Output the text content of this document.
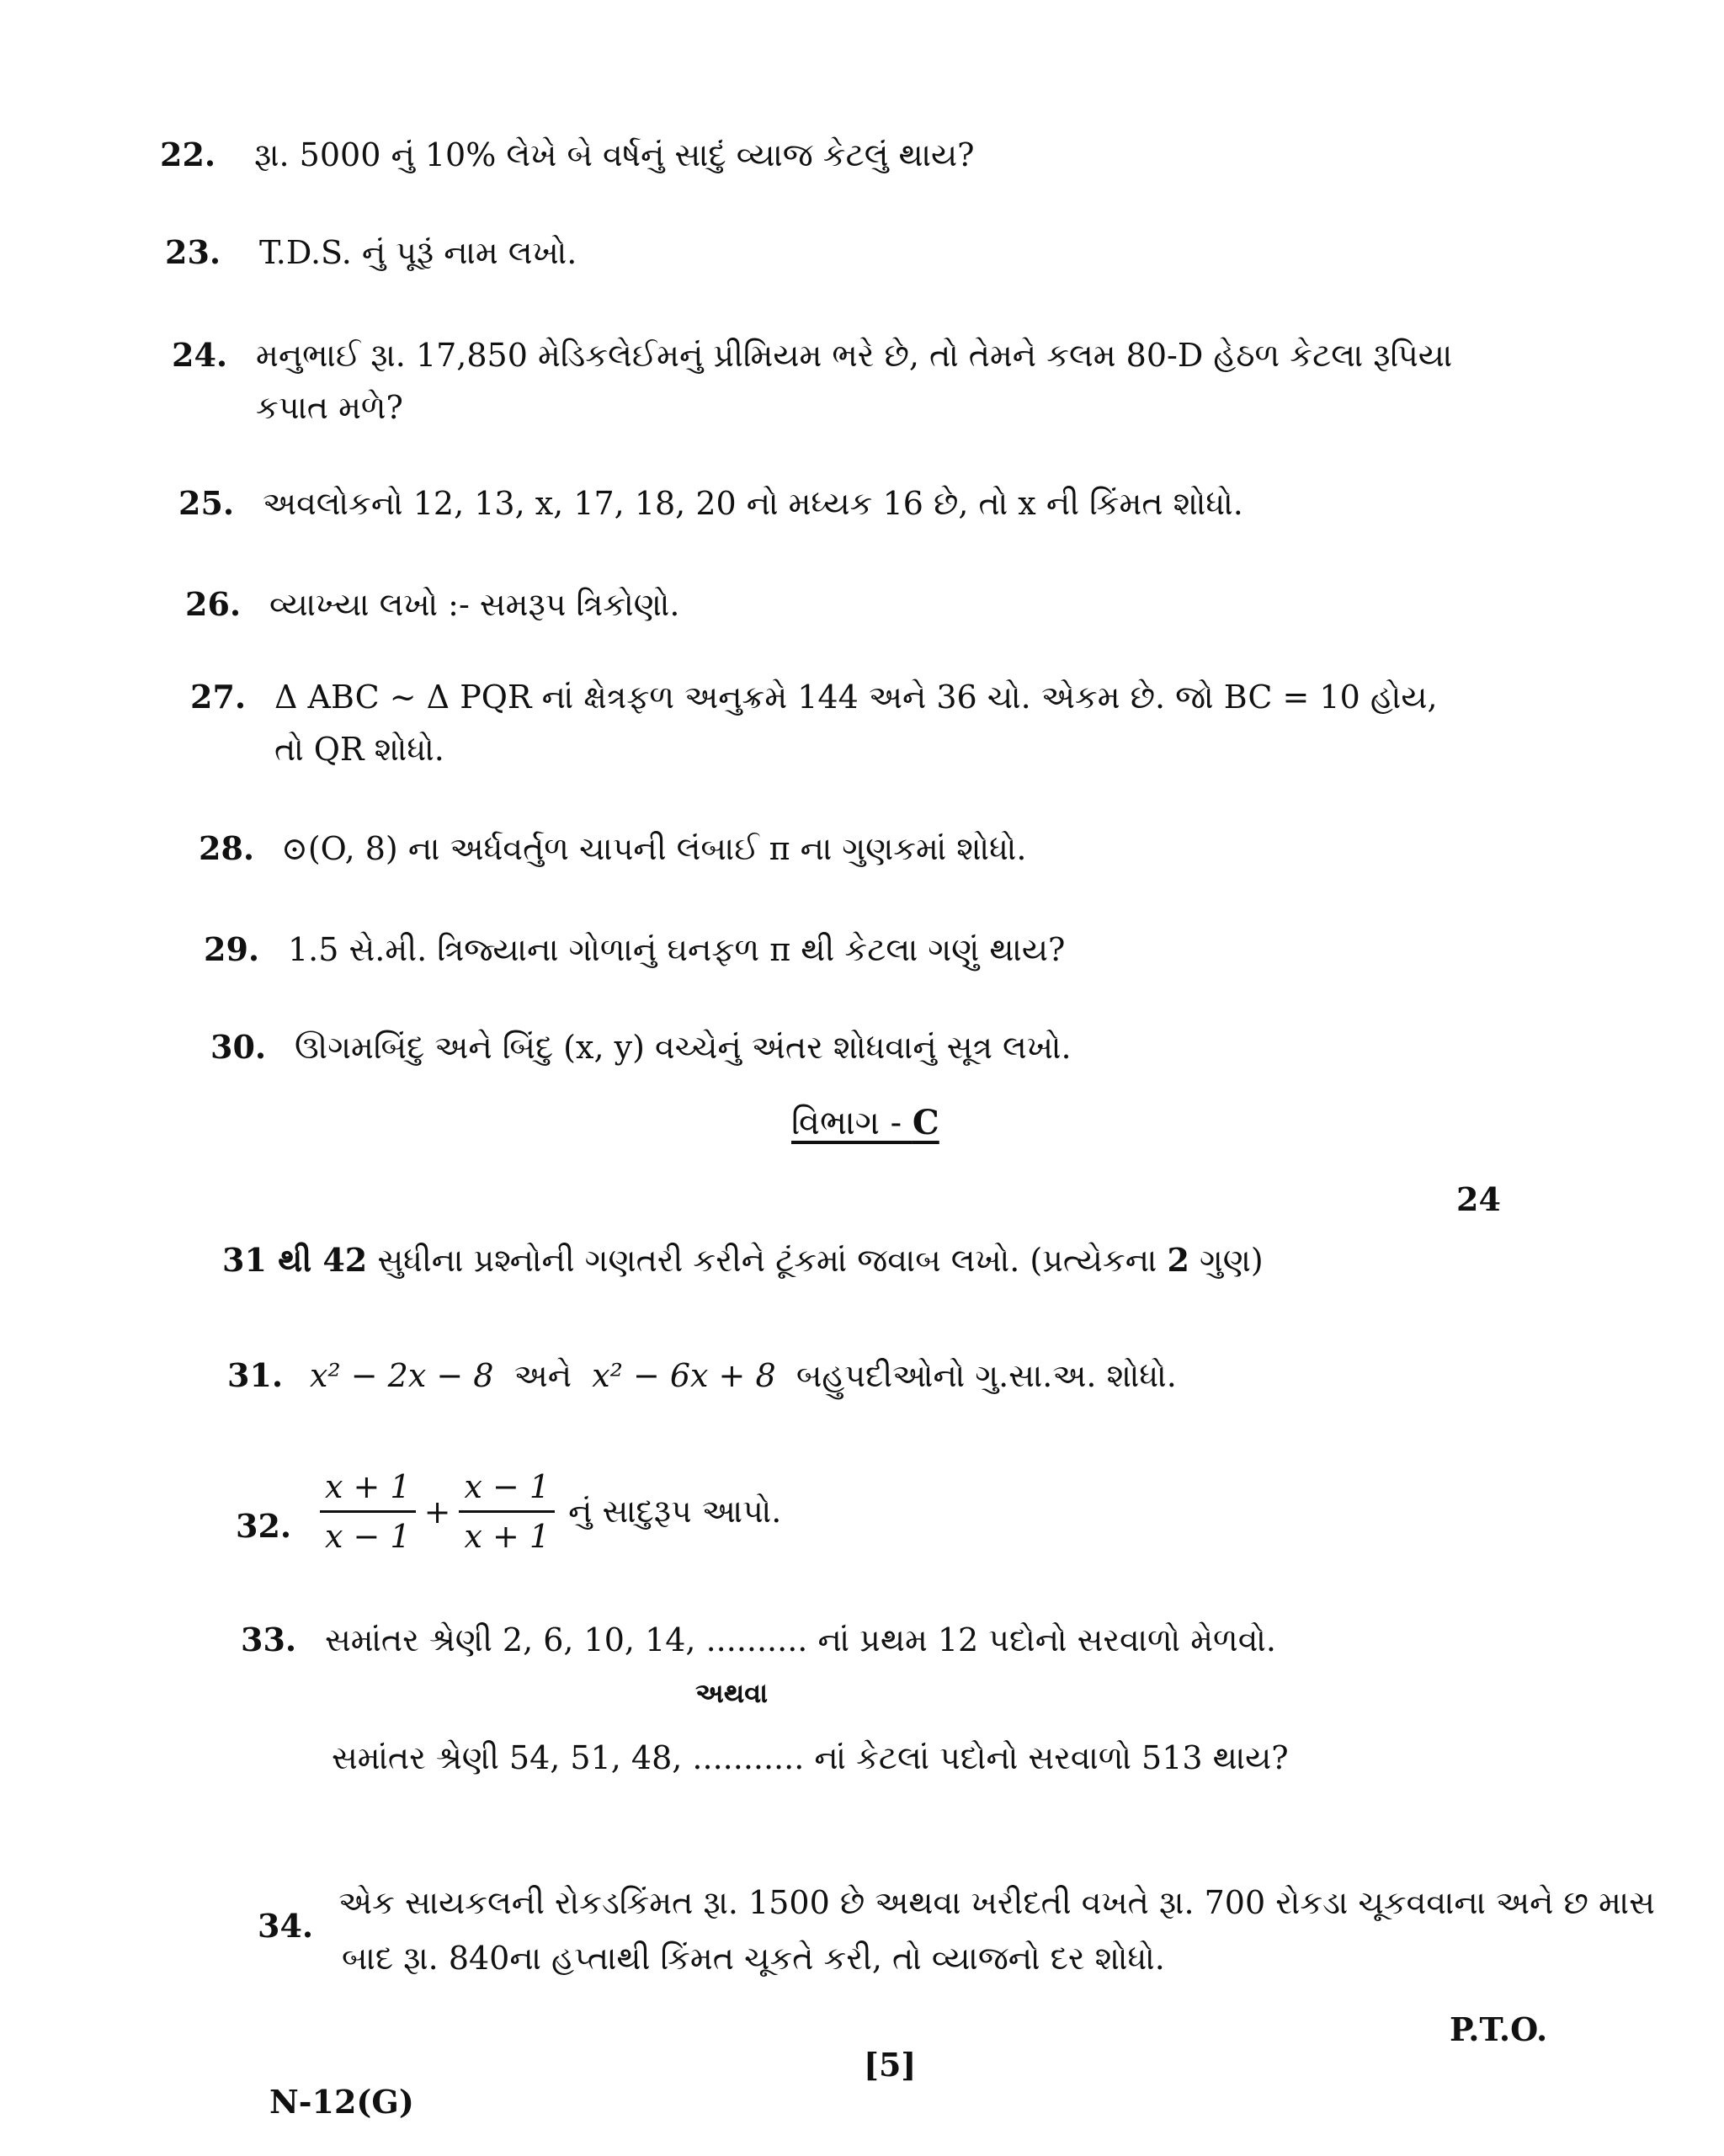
22. રૂા. 5000 નું 10% લેખે બે વર્ષનું સાદું વ્યાજ કેટલું થાય?
23. T.D.S. નું પૂરૂં નામ લખો.
24. મનુભાઈ રૂા. 17,850 મેડિકલેઈમનું પ્રીમિયમ ભરે છે, તો તેમને કલમ 80-D હેઠળ કેટલા રૂપિયા
કપાત મળે?
25. અવલોકનો 12, 13, x, 17, 18, 20 નો મધ્યક 16 છે, તો x ની કિંમત શોધો.
26. વ્યાખ્યા લખો :- સમરૂપ ત્રિકોણો.
27. Δ ABC ~ Δ PQR નાં ક્ષેત્રફળ અનુક્રમે 144 અને 36 ચો. એકમ છે. જો BC = 10 હોય,
તો QR શોધો.
28. ⊙(O, 8) ના અર્ધવર્તુળ ચાપની લંબાઈ π ના ગુણકમાં શોધો.
29. 1.5 સે.મી. ત્રિજ્યાના ગોળાનું ઘનફળ π થી કેટલા ગણું થાય?
30. ઊગમબિંદુ અને બિંદુ (x, y) વચ્ચેનું અંતર શોધવાનું સૂત્ર લખો.
વિભાગ - C
24
31 થી 42 સુધીના પ્રશ્નોની ગણતરી કરીને ટૂંકમાં જવાબ લખો. (પ્રત્યેકના 2 ગુણ)
31. x² − 2x − 8 અને x² − 6x + 8 બહુપદીઓનો ગુ.સા.અ. શોધો.
32. $\frac{x + 1}{x - 1} + \frac{x - 1}{x + 1}$ નું સાદુરૂપ આપો.
33. સમાંતર શ્રેણી 2, 6, 10, 14, .......... નાં પ્રથમ 12 પદોનો સરવાળો મેળવો.
અથવા
સમાંતર શ્રેણી 54, 51, 48, ........... નાં કેટલાં પદોનો સરવાળો 513 થાય?
34.
એક સાયકલની રોકડકિંમત રૂા. 1500 છે અથવા ખરીદતી વખતે રૂા. 700 રોકડા ચૂકવવાના અને છ માસ
બાદ રૂા. 840ના હપ્તાથી કિંમત ચૂકતે કરી, તો વ્યાજનો દર શોધો.
P.T.O.
[5]
N-12(G)
